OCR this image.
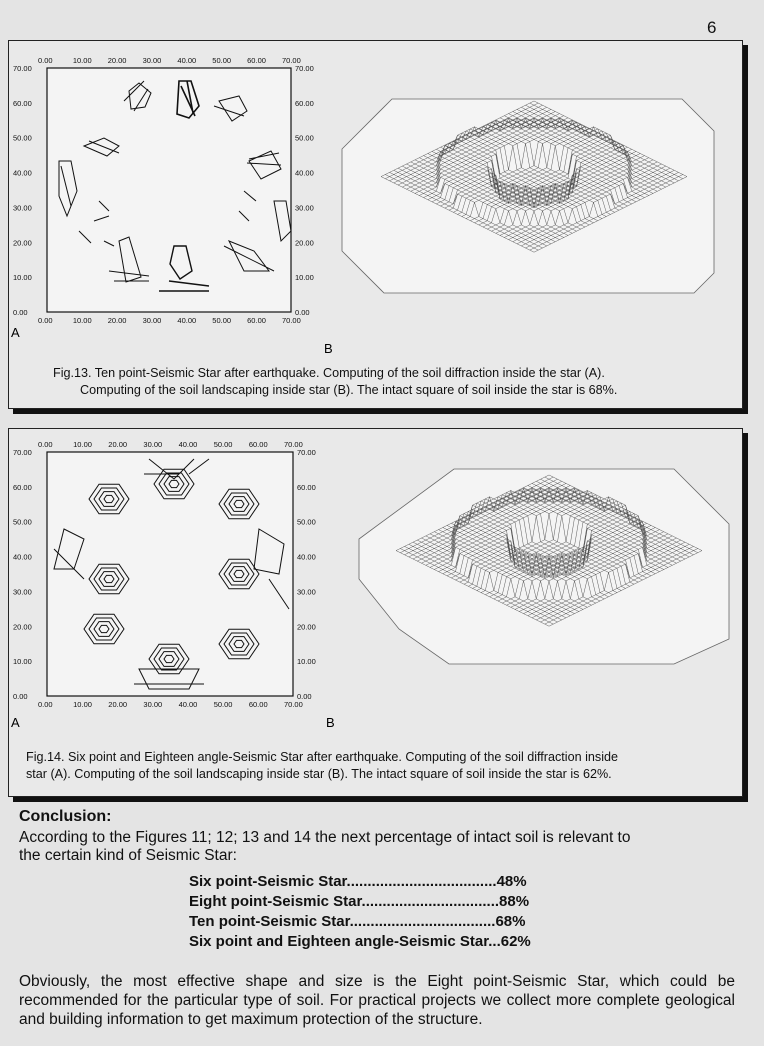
6
0.00	10.00 20.00 30.00 40.00 50.00 60.00 70.00
0.00	10.00 20.00 30.00 40.00 50.00 60.00 70.00
0.00
10.00
20.00
30.00
40.00
50.00
60.00
70.00
0.00
10.00
20.00
30.00
40.00
50.00
60.00
70.00
A
B
Fig.13. Ten point-Seismic Star after earthquake. Computing of the soil diffraction inside the star (A).
Computing of the soil landscaping inside star (B). The intact square of soil inside the star is 68%.
0.00	10.00 20.00 30.00 40.00 50.00 60.00 70.00
0.00	10.00 20.00 30.00 40.00 50.00 60.00 70.00
0.00
10.00
20.00
30.00
40.00
50.00
60.00
70.00
0.00
10.00
20.00
30.00
40.00
50.00
60.00
70.00
A	B
Fig.14. Six point and Eighteen angle-Seismic Star after earthquake. Computing of the soil diffraction inside
star (A). Computing of the soil landscaping inside star (B). The intact square of soil inside the star is 62%.
Conclusion:
According to the Figures 11; 12; 13 and 14 the next percentage of intact soil is relevant to
the certain kind of Seismic Star:
Six point-Seismic Star....................................48%
Eight point-Seismic Star.................................88%
Ten point-Seismic Star...................................68%
Six point and Eighteen angle-Seismic Star...62%
Obviously, the most effective shape and size is the Eight point-Seismic Star, which could be recommended for the particular type of soil. For practical projects we collect more complete geological and building information to get maximum protection of the structure.
